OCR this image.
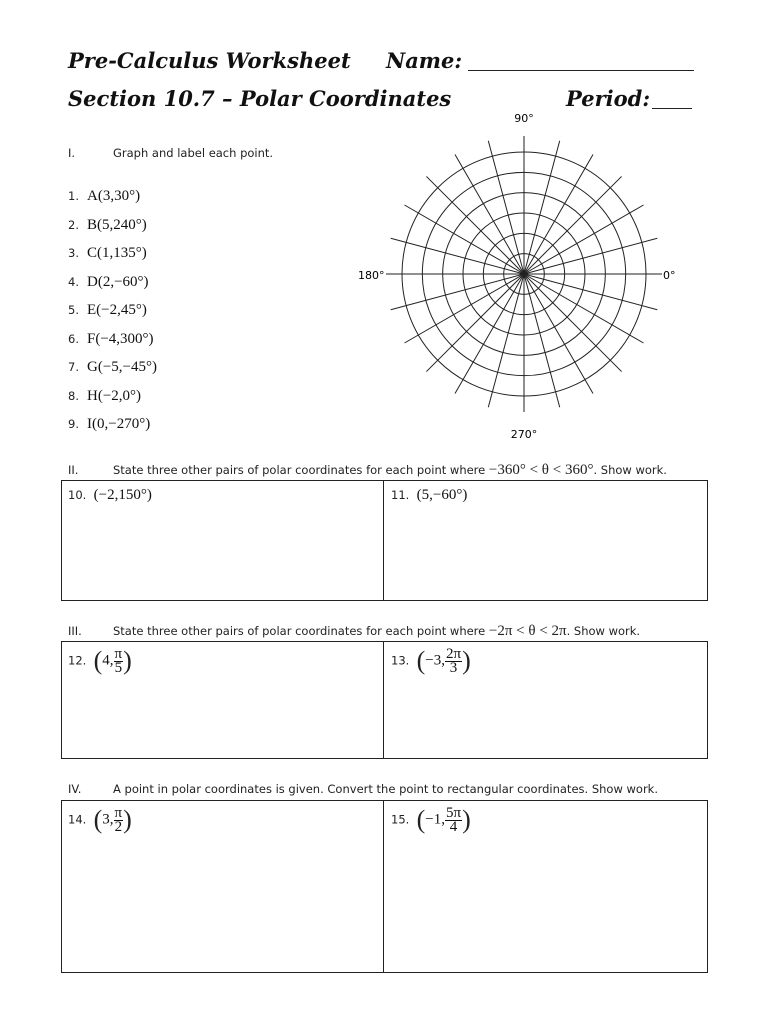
Pre-Calculus Worksheet Name:
Section 10.7 – Polar Coordinates	Period:
I.	Graph and label each point.
1. A(3,30°)
2. B(5,240°)
3. C(1,135°)
4. D(2,−60°)
5. E(−2,45°)
6. F(−4,300°)
7. G(−5,−45°)
8. H(−2,0°)
9. I(0,−270°)
90°
180°	0°
270°
II.	State three other pairs of polar coordinates for each point where −360° < θ < 360°. Show work.
10. (−2,150°)	11. (5,−60°)
III.	State three other pairs of polar coordinates for each point where −2π < θ < 2π. Show work.
12. (4, $\frac{\pi}{5}$ )	13. (−3, $\frac{2\pi}{3}$ )
IV.	A point in polar coordinates is given. Convert the point to rectangular coordinates. Show work.
14. (3, $\frac{\pi}{2}$ )	15. (−1, $\frac{5\pi}{4}$ )
